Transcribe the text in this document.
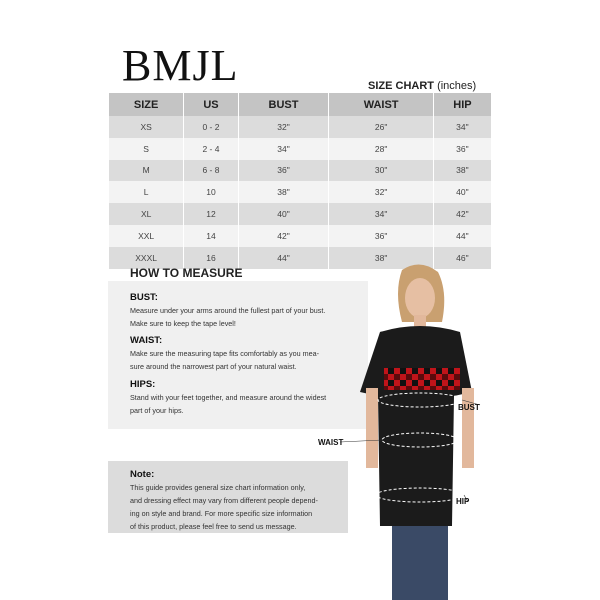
BMJL	SIZE CHART (inches)
SIZE	US	BUST	WAIST	HIP
XS	0 - 2	32"	26"	34"
S	2 - 4	34"	28"	36"
M	6 - 8	36"	30"	38"
L	10	38"	32"	40"
XL	12	40"	34"	42"
XXL	14	42"	36"	44"
XXXL	16	44"	38"	46"
HOW TO MEASURE
BUST:
Measure under your arms around the fullest part of your bust.
Make sure to keep the tape level!
WAIST:
Make sure the measuring tape fits comfortably as you mea-
sure around the narrowest part of your natural waist.
HIPS:
Stand with your feet together, and measure around the widest
part of your hips.
Note:
This guide provides general size chart information only,
and dressing effect may vary from different people depend-
ing on style and brand. For more specific size information
of this product, please feel free to send us message.
BUST
WAIST
HIP
